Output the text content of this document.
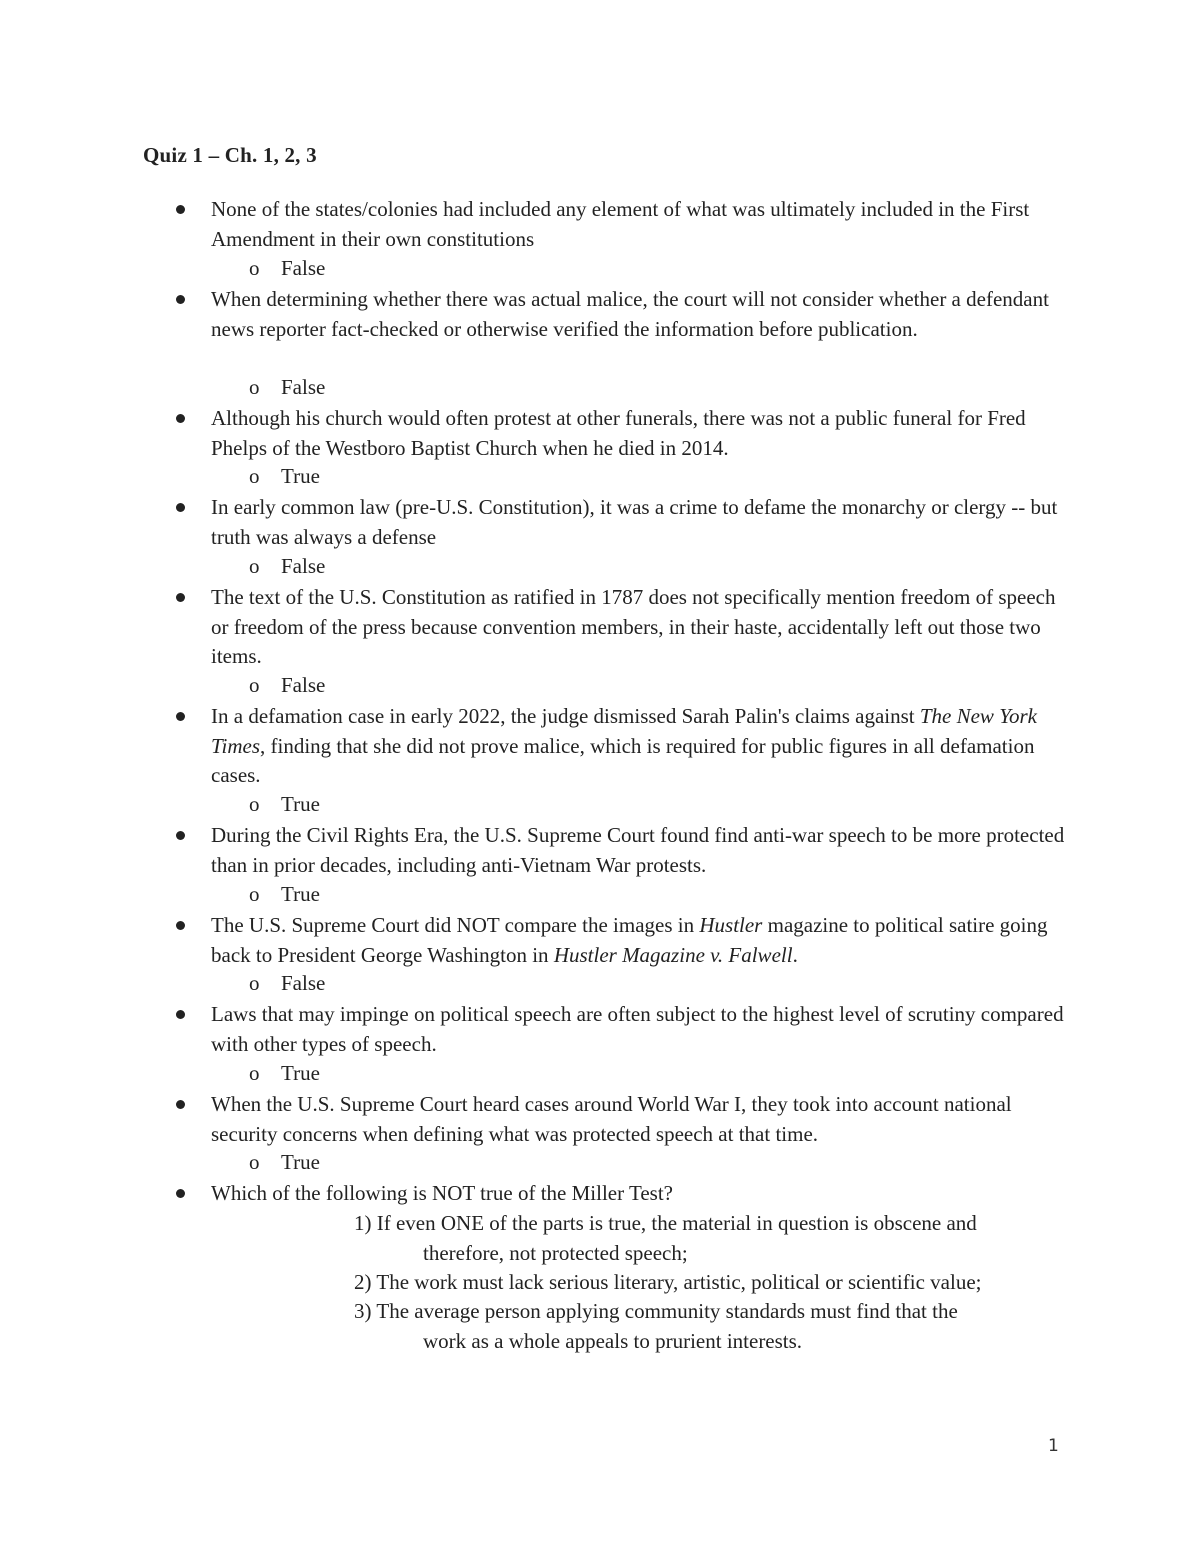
Quiz 1 – Ch. 1, 2, 3
None of the states/colonies had included any element of what was ultimately included in the First Amendment in their own constitutions
o False
When determining whether there was actual malice, the court will not consider whether a defendant news reporter fact-checked or otherwise verified the information before publication.
o False
Although his church would often protest at other funerals, there was not a public funeral for Fred Phelps of the Westboro Baptist Church when he died in 2014.
o True
In early common law (pre-U.S. Constitution), it was a crime to defame the monarchy or clergy -- but truth was always a defense
o False
The text of the U.S. Constitution as ratified in 1787 does not specifically mention freedom of speech or freedom of the press because convention members, in their haste, accidentally left out those two items.
o False
In a defamation case in early 2022, the judge dismissed Sarah Palin's claims against The New York Times, finding that she did not prove malice, which is required for public figures in all defamation cases.
o True
During the Civil Rights Era, the U.S. Supreme Court found find anti-war speech to be more protected than in prior decades, including anti-Vietnam War protests.
o True
The U.S. Supreme Court did NOT compare the images in Hustler magazine to political satire going back to President George Washington in Hustler Magazine v. Falwell.
o False
Laws that may impinge on political speech are often subject to the highest level of scrutiny compared with other types of speech.
o True
When the U.S. Supreme Court heard cases around World War I, they took into account national security concerns when defining what was protected speech at that time.
o True
Which of the following is NOT true of the Miller Test?
1) If even ONE of the parts is true, the material in question is obscene and
therefore, not protected speech;
2) The work must lack serious literary, artistic, political or scientific value;
3) The average person applying community standards must find that the
work as a whole appeals to prurient interests.
1
